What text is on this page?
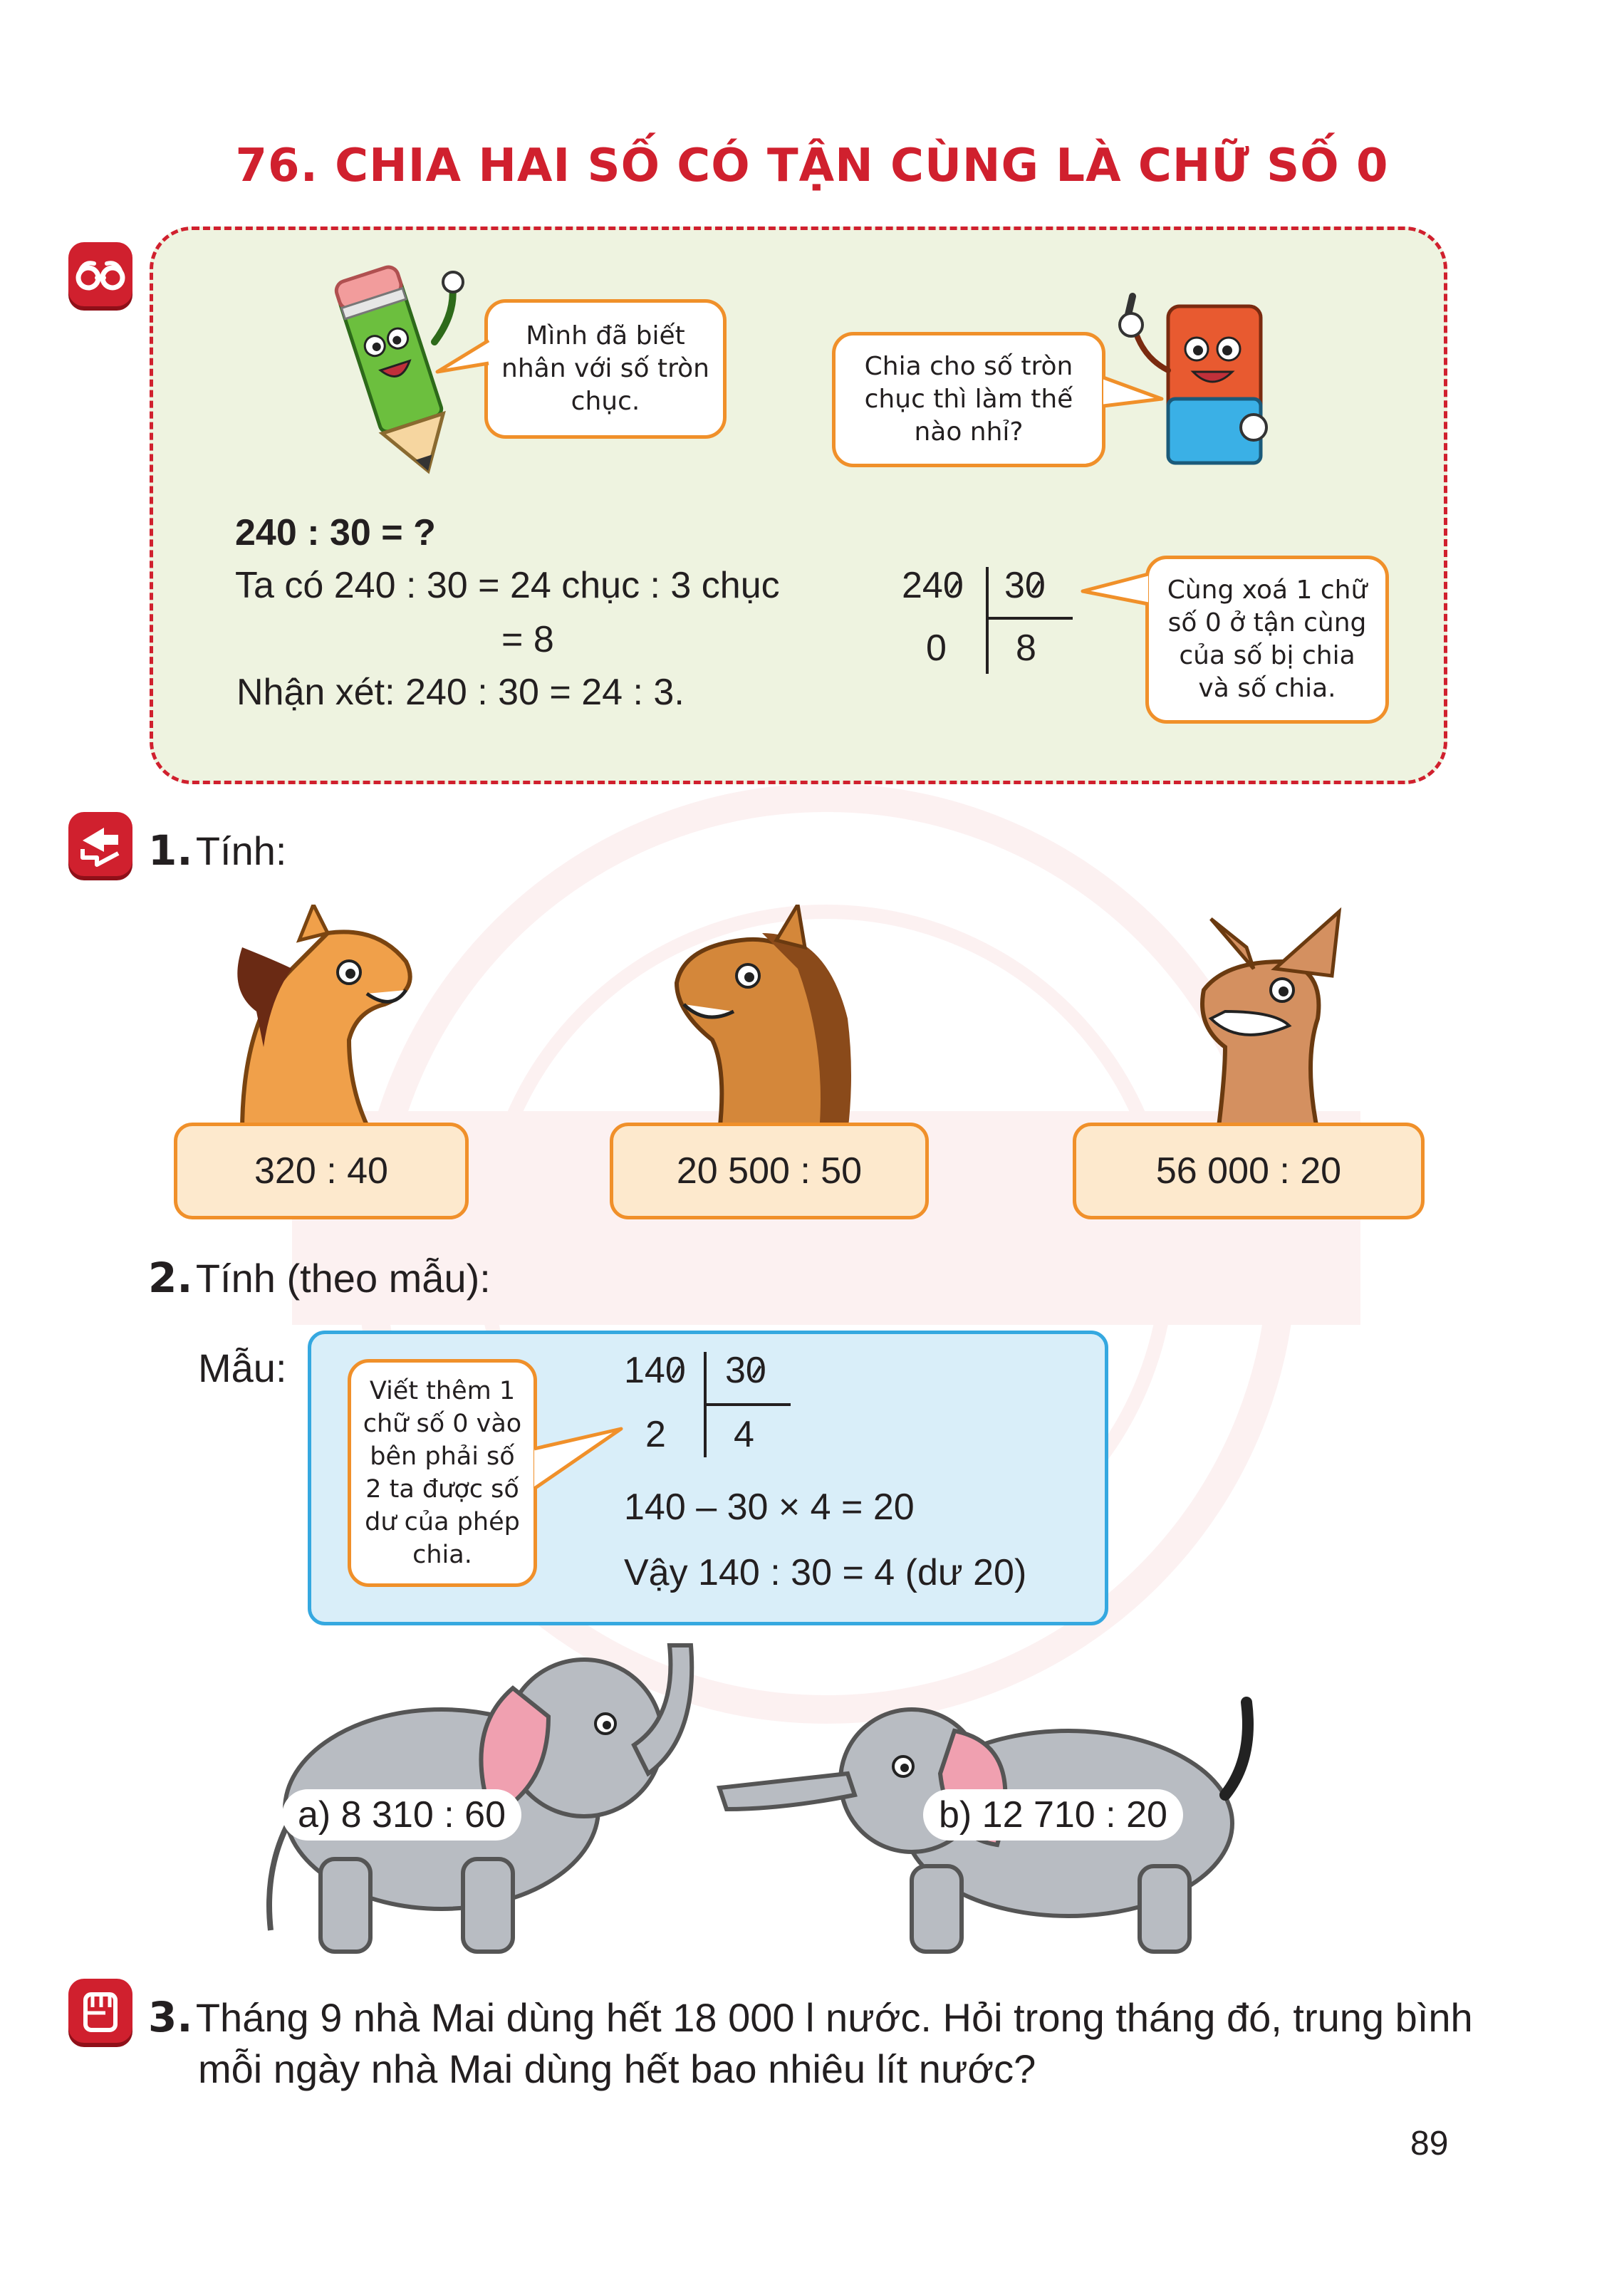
76. CHIA HAI SỐ CÓ TẬN CÙNG LÀ CHỮ SỐ 0
Mình đã biết nhân với số tròn chục.
Chia cho số tròn chục thì làm thế nào nhỉ?
240 : 30 = ?
Ta có 240 : 30 = 24 chục : 3 chục
= 8
Nhận xét: 240 : 30 = 24 : 3.
240 30
0 8
Cùng xoá 1 chữ số 0 ở tận cùng của số bị chia và số chia.
1. Tính:
320 : 40	20 500 : 50	56 000 : 20
2. Tính (theo mẫu):
Mẫu:
Viết thêm 1 chữ số 0 vào bên phải số 2 ta được số dư của phép chia.
140 30
2 4
140 – 30 × 4 = 20
Vậy 140 : 30 = 4 (dư 20)
a) 8 310 : 60	b) 12 710 : 20
3. Tháng 9 nhà Mai dùng hết 18 000 l nước. Hỏi trong tháng đó, trung bình
mỗi ngày nhà Mai dùng hết bao nhiêu lít nước?
89
